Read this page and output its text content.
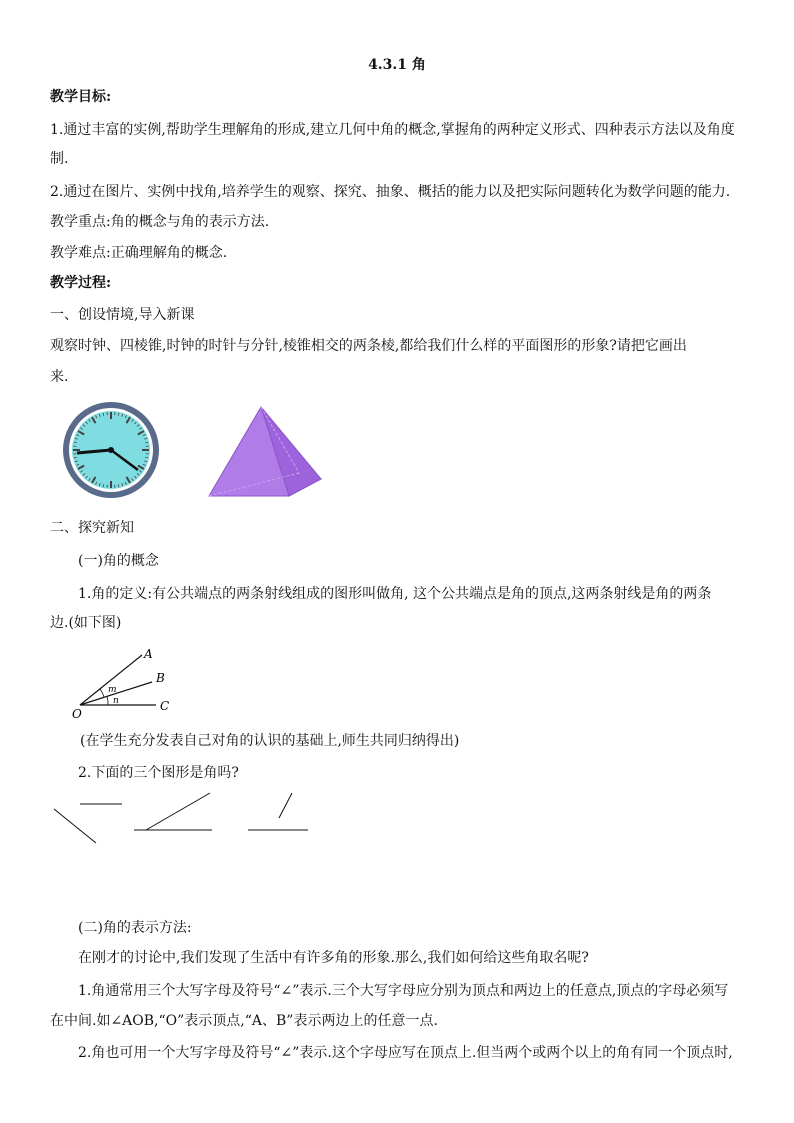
4.3.1 角
教学目标:
1.通过丰富的实例,帮助学生理解角的形成,建立几何中角的概念,掌握角的两种定义形式、四种表示方法以及角度
制.
2.通过在图片、实例中找角,培养学生的观察、探究、抽象、概括的能力以及把实际问题转化为数学问题的能力.
教学重点:角的概念与角的表示方法.
教学难点:正确理解角的概念.
教学过程:
一、创设情境,导入新课
观察时钟、四棱锥,时钟的时针与分针,棱锥相交的两条棱,都给我们什么样的平面图形的形象?请把它画出
来.
二、探究新知
(一)角的概念
1.角的定义:有公共端点的两条射线组成的图形叫做角, 这个公共端点是角的顶点,这两条射线是角的两条
边.(如下图)
A
B
C
O
m
n
(在学生充分发表自己对角的认识的基础上,师生共同归纳得出)
2.下面的三个图形是角吗?
(二)角的表示方法:
在刚才的讨论中,我们发现了生活中有许多角的形象.那么,我们如何给这些角取名呢?
1.角通常用三个大写字母及符号“∠”表示.三个大写字母应分别为顶点和两边上的任意点,顶点的字母必须写
在中间.如∠AOB,“O”表示顶点,“A、B”表示两边上的任意一点.
2.角也可用一个大写字母及符号“∠”表示.这个字母应写在顶点上.但当两个或两个以上的角有同一个顶点时,
